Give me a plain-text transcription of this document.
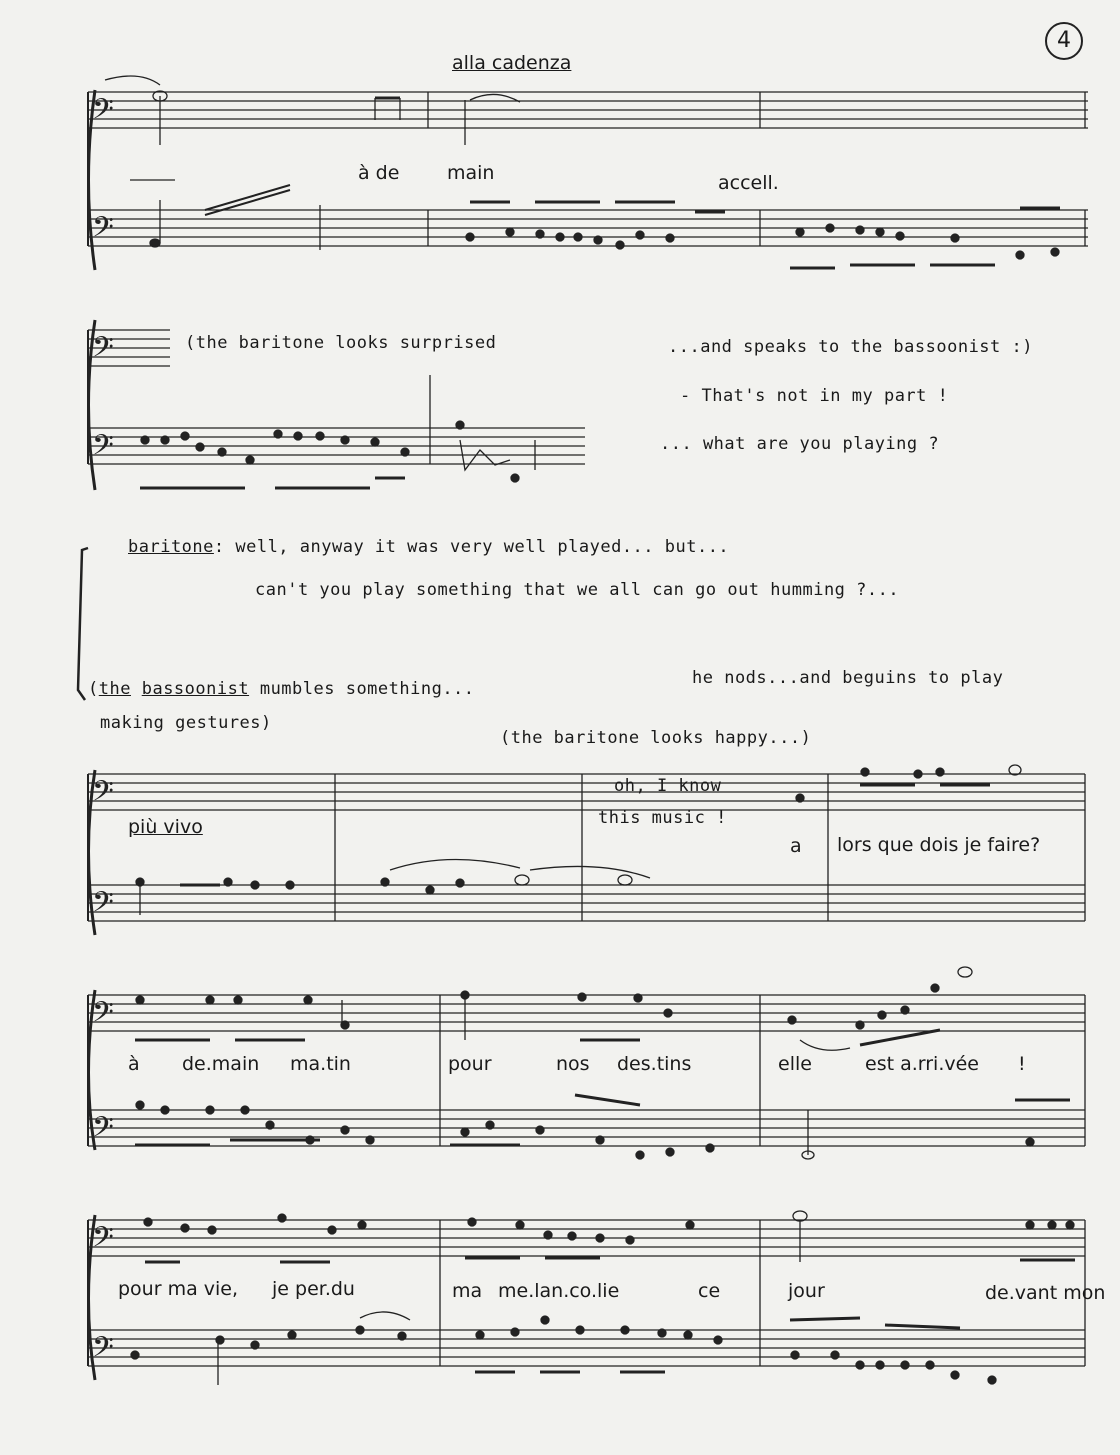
𝄢
𝄢
𝄢
𝄢
𝄢
𝄢
𝄢
𝄢
𝄢
𝄢
4
alla cadenza
à de	main	accell.
(the baritone looks surprised	...and speaks to the bassoonist :)
- That's not in my part !
... what are you playing ?
baritone: well, anyway it was very well played... but...
can't you play something that we all can go out humming ?...
(the bassoonist mumbles something...
making gestures)
he nods...and beguins to play
(the baritone looks happy...)
più vivo
oh, I know
this music !
a lors que dois je faire?
à de.main ma.tin	pour	nos des.tins	elle	est a.rri.vée !
pour ma vie, je per.du	ma me.lan.co.lie	ce	jour	de.vant mon
